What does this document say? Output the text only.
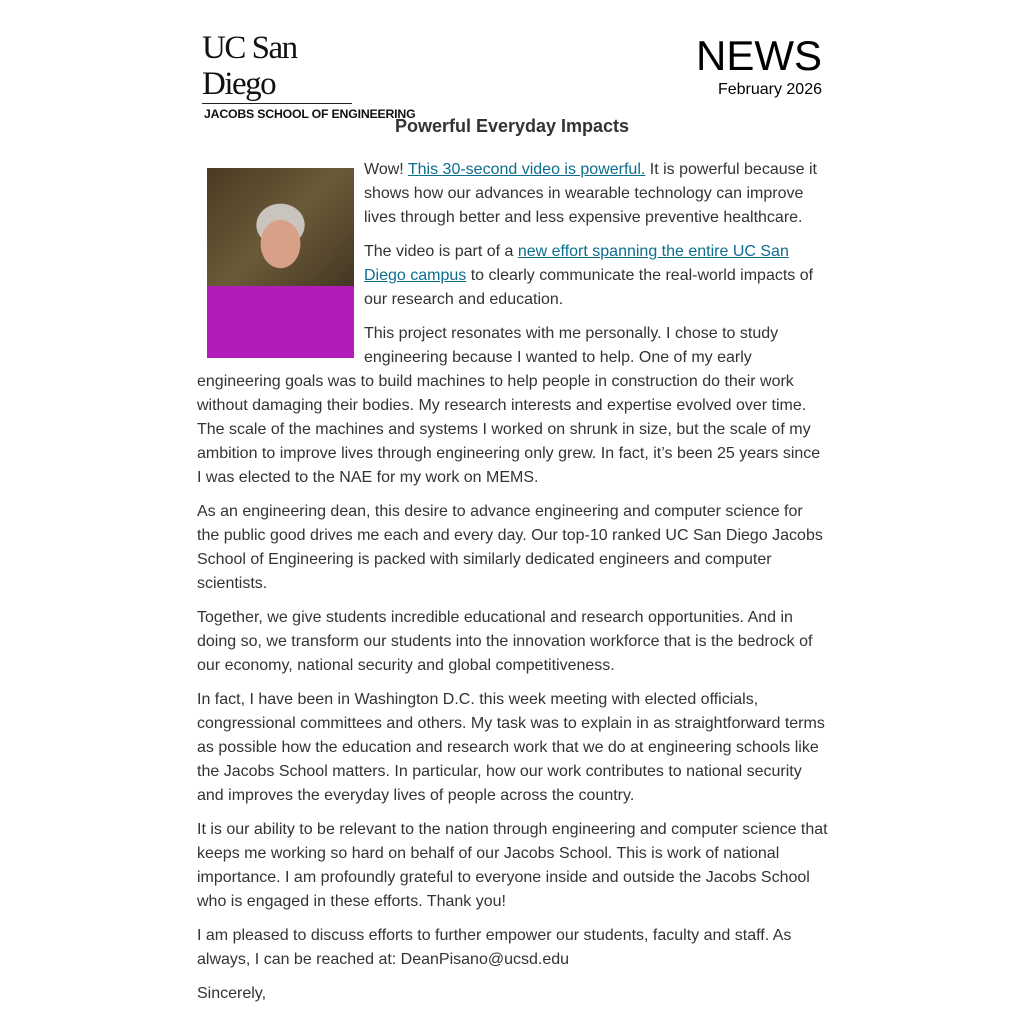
UC San Diego
JACOBS SCHOOL OF ENGINEERING
NEWS
February 2026
Powerful Everyday Impacts

Wow! This 30-second video is powerful. It is powerful because it shows how our advances in wearable technology can improve lives through better and less expensive preventive healthcare.

The video is part of a new effort spanning the entire UC San Diego campus to clearly communicate the real-world impacts of our research and education.

This project resonates with me personally. I chose to study engineering because I wanted to help. One of my early engineering goals was to build machines to help people in construction do their work without damaging their bodies. My research interests and expertise evolved over time. The scale of the machines and systems I worked on shrunk in size, but the scale of my ambition to improve lives through engineering only grew. In fact, it’s been 25 years since I was elected to the NAE for my work on MEMS.

As an engineering dean, this desire to advance engineering and computer science for the public good drives me each and every day. Our top-10 ranked UC San Diego Jacobs School of Engineering is packed with similarly dedicated engineers and computer scientists.

Together, we give students incredible educational and research opportunities. And in doing so, we transform our students into the innovation workforce that is the bedrock of our economy, national security and global competitiveness.

In fact, I have been in Washington D.C. this week meeting with elected officials, congressional committees and others. My task was to explain in as straightforward terms as possible how the education and research work that we do at engineering schools like the Jacobs School matters. In particular, how our work contributes to national security and improves the everyday lives of people across the country.

It is our ability to be relevant to the nation through engineering and computer science that keeps me working so hard on behalf of our Jacobs School. This is work of national importance. I am profoundly grateful to everyone inside and outside the Jacobs School who is engaged in these efforts. Thank you!

I am pleased to discuss efforts to further empower our students, faculty and staff. As always, I can be reached at: DeanPisano@ucsd.edu

Sincerely,
